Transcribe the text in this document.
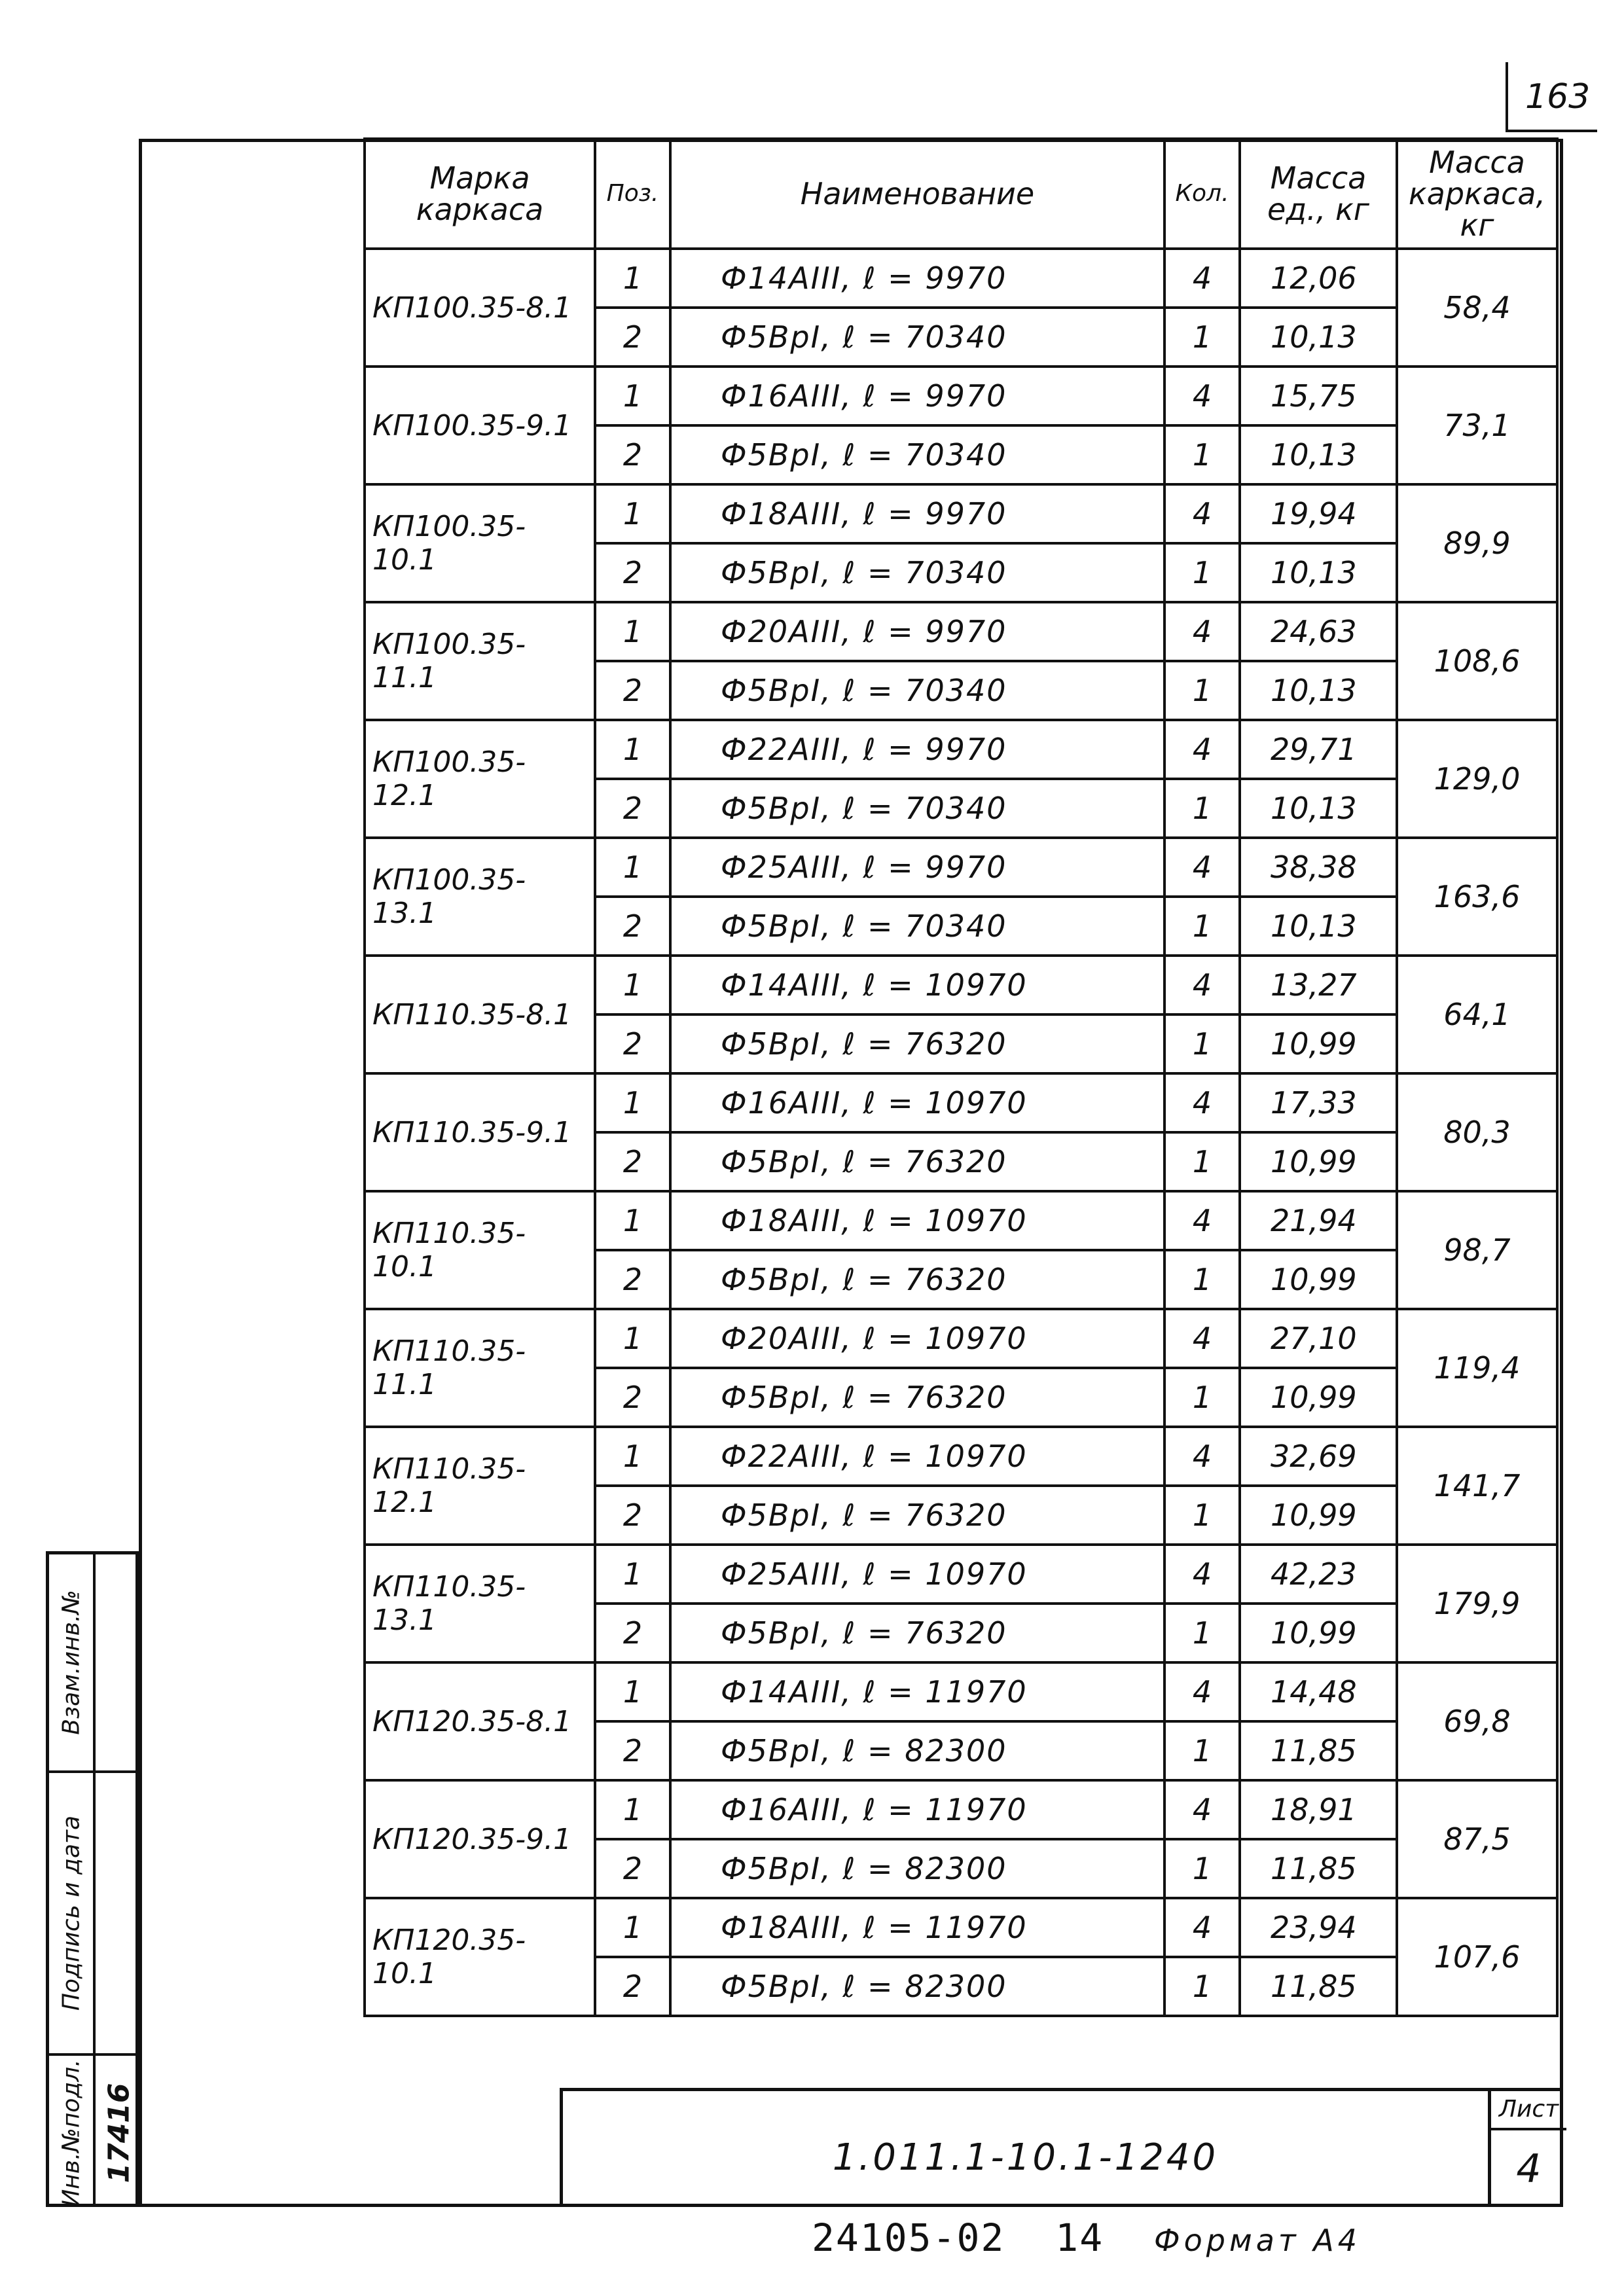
163
Взам.инв.№
Подпись и дата
Инв.№подл. 17416
Марка каркаса	Поз.	Наименование	Кол.	Масса ед., кг	Масса каркаса, кг
КП100.35-8.1	1	Ф14АIII, ℓ = 9970	4	12,06	58,4
	2	Ф5ВрI, ℓ = 70340	1	10,13	
КП100.35-9.1	1	Ф16АIII, ℓ = 9970	4	15,75	73,1
	2	Ф5ВрI, ℓ = 70340	1	10,13	
КП100.35-10.1	1	Ф18АIII, ℓ = 9970	4	19,94	89,9
	2	Ф5ВрI, ℓ = 70340	1	10,13	
КП100.35-11.1	1	Ф20АIII, ℓ = 9970	4	24,63	108,6
	2	Ф5ВрI, ℓ = 70340	1	10,13	
КП100.35-12.1	1	Ф22АIII, ℓ = 9970	4	29,71	129,0
	2	Ф5ВрI, ℓ = 70340	1	10,13	
КП100.35-13.1	1	Ф25АIII, ℓ = 9970	4	38,38	163,6
	2	Ф5ВрI, ℓ = 70340	1	10,13	
КП110.35-8.1	1	Ф14АIII, ℓ = 10970	4	13,27	64,1
	2	Ф5ВрI, ℓ = 76320	1	10,99	
КП110.35-9.1	1	Ф16АIII, ℓ = 10970	4	17,33	80,3
	2	Ф5ВрI, ℓ = 76320	1	10,99	
КП110.35-10.1	1	Ф18АIII, ℓ = 10970	4	21,94	98,7
	2	Ф5ВрI, ℓ = 76320	1	10,99	
КП110.35-11.1	1	Ф20АIII, ℓ = 10970	4	27,10	119,4
	2	Ф5ВрI, ℓ = 76320	1	10,99	
КП110.35-12.1	1	Ф22АIII, ℓ = 10970	4	32,69	141,7
	2	Ф5ВрI, ℓ = 76320	1	10,99	
КП110.35-13.1	1	Ф25АIII, ℓ = 10970	4	42,23	179,9
	2	Ф5ВрI, ℓ = 76320	1	10,99	
КП120.35-8.1	1	Ф14АIII, ℓ = 11970	4	14,48	69,8
	2	Ф5ВрI, ℓ = 82300	1	11,85	
КП120.35-9.1	1	Ф16АIII, ℓ = 11970	4	18,91	87,5
	2	Ф5ВрI, ℓ = 82300	1	11,85	
КП120.35-10.1	1	Ф18АIII, ℓ = 11970	4	23,94	107,6
	2	Ф5ВрI, ℓ = 82300	1	11,85	
1.011.1-10.1-1240
Лист
4
24105-02 14 Формат А4
